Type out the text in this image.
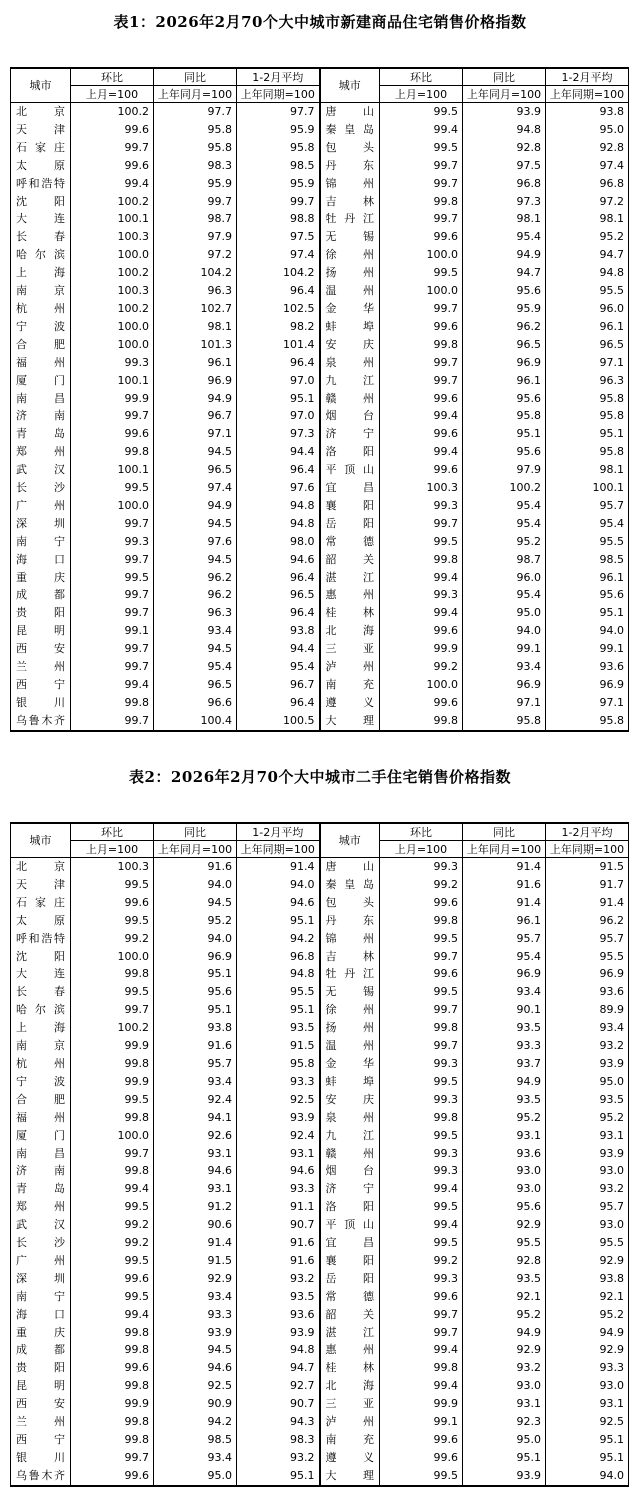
表1：2026年2月70个大中城市新建商品住宅销售价格指数
城市	环比	同比	1-2月平均	城市	环比	同比	1-2月平均
	上月=100	上年同月=100	上年同期=100		上月=100	上年同月=100	上年同期=100
北　京	100.2	97.7	97.7	唐　山	99.5	93.9	93.8
天　津	99.6	95.8	95.9	秦皇岛	99.4	94.8	95.0
石家庄	99.7	95.8	95.8	包　头	99.5	92.8	92.8
太　原	99.6	98.3	98.5	丹　东	99.7	97.5	97.4
呼和浩特	99.4	95.9	95.9	锦　州	99.7	96.8	96.8
沈　阳	100.2	99.7	99.7	吉　林	99.8	97.3	97.2
大　连	100.1	98.7	98.8	牡丹江	99.7	98.1	98.1
长　春	100.3	97.9	97.5	无　锡	99.6	95.4	95.2
哈尔滨	100.0	97.2	97.4	徐　州	100.0	94.9	94.7
上　海	100.2	104.2	104.2	扬　州	99.5	94.7	94.8
南　京	100.3	96.3	96.4	温　州	100.0	95.6	95.5
杭　州	100.2	102.7	102.5	金　华	99.7	95.9	96.0
宁　波	100.0	98.1	98.2	蚌　埠	99.6	96.2	96.1
合　肥	100.0	101.3	101.4	安　庆	99.8	96.5	96.5
福　州	99.3	96.1	96.4	泉　州	99.7	96.9	97.1
厦　门	100.1	96.9	97.0	九　江	99.7	96.1	96.3
南　昌	99.9	94.9	95.1	赣　州	99.6	95.6	95.8
济　南	99.7	96.7	97.0	烟　台	99.4	95.8	95.8
青　岛	99.6	97.1	97.3	济　宁	99.6	95.1	95.1
郑　州	99.8	94.5	94.4	洛　阳	99.4	95.6	95.8
武　汉	100.1	96.5	96.4	平顶山	99.6	97.9	98.1
长　沙	99.5	97.4	97.6	宜　昌	100.3	100.2	100.1
广　州	100.0	94.9	94.8	襄　阳	99.3	95.4	95.7
深　圳	99.7	94.5	94.8	岳　阳	99.7	95.4	95.4
南　宁	99.3	97.6	98.0	常　德	99.5	95.2	95.5
海　口	99.7	94.5	94.6	韶　关	99.8	98.7	98.5
重　庆	99.5	96.2	96.4	湛　江	99.4	96.0	96.1
成　都	99.7	96.2	96.5	惠　州	99.3	95.4	95.6
贵　阳	99.7	96.3	96.4	桂　林	99.4	95.0	95.1
昆　明	99.1	93.4	93.8	北　海	99.6	94.0	94.0
西　安	99.7	94.5	94.4	三　亚	99.9	99.1	99.1
兰　州	99.7	95.4	95.4	泸　州	99.2	93.4	93.6
西　宁	99.4	96.5	96.7	南　充	100.0	96.9	96.9
银　川	99.8	96.6	96.4	遵　义	99.6	97.1	97.1
乌鲁木齐	99.7	100.4	100.5	大　理	99.8	95.8	95.8
表2：2026年2月70个大中城市二手住宅销售价格指数
城市	环比	同比	1-2月平均	城市	环比	同比	1-2月平均
	上月=100	上年同月=100	上年同期=100		上月=100	上年同月=100	上年同期=100
北　京	100.3	91.6	91.4	唐　山	99.3	91.4	91.5
天　津	99.5	94.0	94.0	秦皇岛	99.2	91.6	91.7
石家庄	99.6	94.5	94.6	包　头	99.6	91.4	91.4
太　原	99.5	95.2	95.1	丹　东	99.8	96.1	96.2
呼和浩特	99.2	94.0	94.2	锦　州	99.5	95.7	95.7
沈　阳	100.0	96.9	96.8	吉　林	99.7	95.4	95.5
大　连	99.8	95.1	94.8	牡丹江	99.6	96.9	96.9
长　春	99.5	95.6	95.5	无　锡	99.5	93.4	93.6
哈尔滨	99.7	95.1	95.1	徐　州	99.7	90.1	89.9
上　海	100.2	93.8	93.5	扬　州	99.8	93.5	93.4
南　京	99.9	91.6	91.5	温　州	99.7	93.3	93.2
杭　州	99.8	95.7	95.8	金　华	99.3	93.7	93.9
宁　波	99.9	93.4	93.3	蚌　埠	99.5	94.9	95.0
合　肥	99.5	92.4	92.5	安　庆	99.3	93.5	93.5
福　州	99.8	94.1	93.9	泉　州	99.8	95.2	95.2
厦　门	100.0	92.6	92.4	九　江	99.5	93.1	93.1
南　昌	99.7	93.1	93.1	赣　州	99.3	93.6	93.9
济　南	99.8	94.6	94.6	烟　台	99.3	93.0	93.0
青　岛	99.4	93.1	93.3	济　宁	99.4	93.0	93.2
郑　州	99.5	91.2	91.1	洛　阳	99.5	95.6	95.7
武　汉	99.2	90.6	90.7	平顶山	99.4	92.9	93.0
长　沙	99.2	91.4	91.6	宜　昌	99.5	95.5	95.5
广　州	99.5	91.5	91.6	襄　阳	99.2	92.8	92.9
深　圳	99.6	92.9	93.2	岳　阳	99.3	93.5	93.8
南　宁	99.5	93.4	93.5	常　德	99.6	92.1	92.1
海　口	99.4	93.3	93.6	韶　关	99.7	95.2	95.2
重　庆	99.8	93.9	93.9	湛　江	99.7	94.9	94.9
成　都	99.8	94.5	94.8	惠　州	99.4	92.9	92.9
贵　阳	99.6	94.6	94.7	桂　林	99.8	93.2	93.3
昆　明	99.8	92.5	92.7	北　海	99.4	93.0	93.0
西　安	99.9	90.9	90.7	三　亚	99.9	93.1	93.1
兰　州	99.8	94.2	94.3	泸　州	99.1	92.3	92.5
西　宁	99.8	98.5	98.3	南　充	99.6	95.0	95.1
银　川	99.7	93.4	93.2	遵　义	99.6	95.1	95.1
乌鲁木齐	99.6	95.0	95.1	大　理	99.5	93.9	94.0
